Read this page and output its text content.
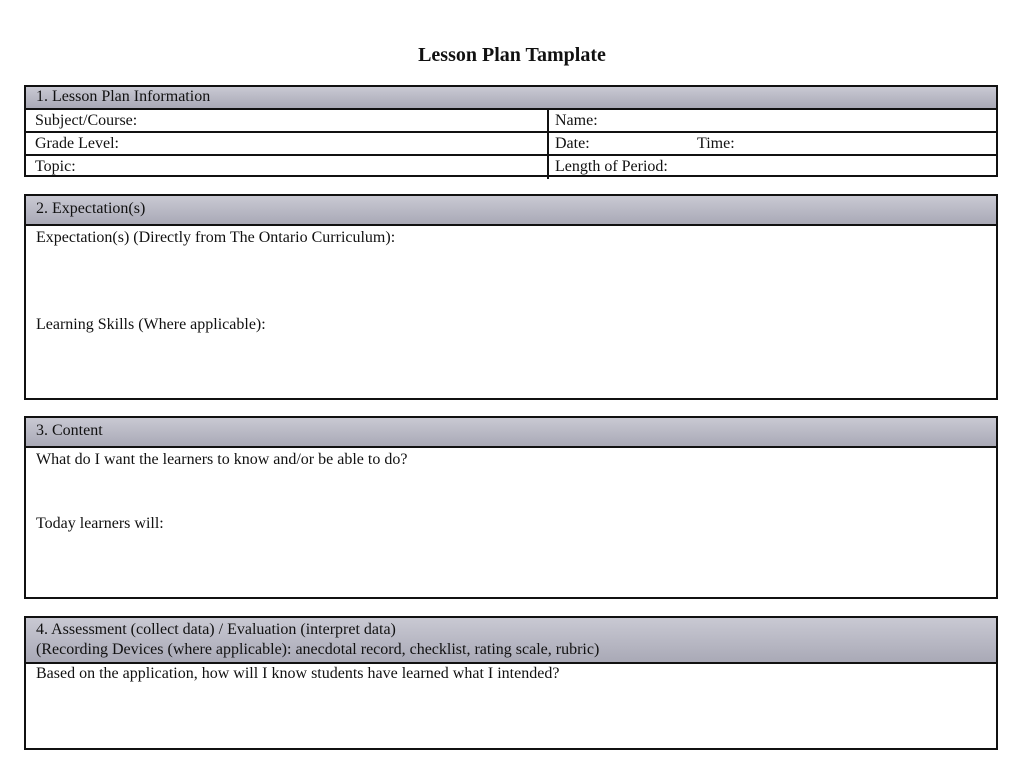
Lesson Plan Tamplate
1. Lesson Plan Information
Subject/Course:	Name:
Grade Level:	Date:	Time:
Topic:	Length of Period:
2. Expectation(s)
Expectation(s) (Directly from The Ontario Curriculum):
Learning Skills (Where applicable):
3. Content
What do I want the learners to know and/or be able to do?
Today learners will:
4. Assessment (collect data) / Evaluation (interpret data)
(Recording Devices (where applicable): anecdotal record, checklist, rating scale, rubric)
Based on the application, how will I know students have learned what I intended?
